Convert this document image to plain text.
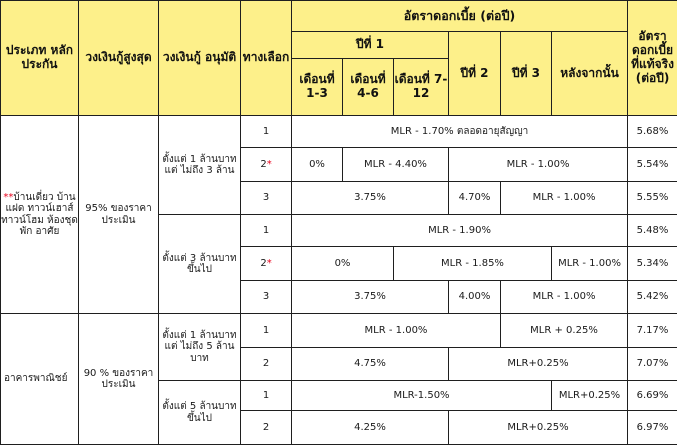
ประเภท หลักประกัน	วงเงินกู้สูงสุด	วงเงินกู้ อนุมัติ	ทางเลือก	อัตราดอกเบี้ย (ต่อปี)						อัตรา ดอกเบี้ย ที่แท้จริง (ต่อปี)
				ปีที่ 1			ปีที่ 2	ปีที่ 3	หลังจากนั้น	
				เดือนที่ 1-3	เดือนที่ 4-6	เดือนที่ 7-12				
**บ้านเดี่ยว บ้านแฝด ทาวน์เฮาส์ ทาวน์โฮม ห้องชุดพัก อาศัย	95% ของราคาประเมิน	ตั้งแต่ 1 ล้านบาท แต่ ไม่ถึง 3 ล้าน	1	MLR - 1.70% ตลอดอายุสัญญา						5.68%
			2*	0%	MLR - 4.40%		MLR - 1.00%			5.54%
			3	3.75%			4.70%	MLR - 1.00%		5.55%
		ตั้งแต่ 3 ล้านบาท ขึ้นไป	1	MLR - 1.90%						5.48%
			2*	0%		MLR - 1.85%			MLR - 1.00%	5.34%
			3	3.75%			4.00%	MLR - 1.00%		5.42%
อาคารพาณิชย์	90 % ของราคาประเมิน	ตั้งแต่ 1 ล้านบาท แต่ ไม่ถึง 5 ล้านบาท	1	MLR - 1.00%				MLR + 0.25%		7.17%
			2	4.75%			MLR+0.25%			7.07%
		ตั้งแต่ 5 ล้านบาท ขึ้นไป	1	MLR-1.50%					MLR+0.25%	6.69%
			2	4.25%			MLR+0.25%			6.97%
